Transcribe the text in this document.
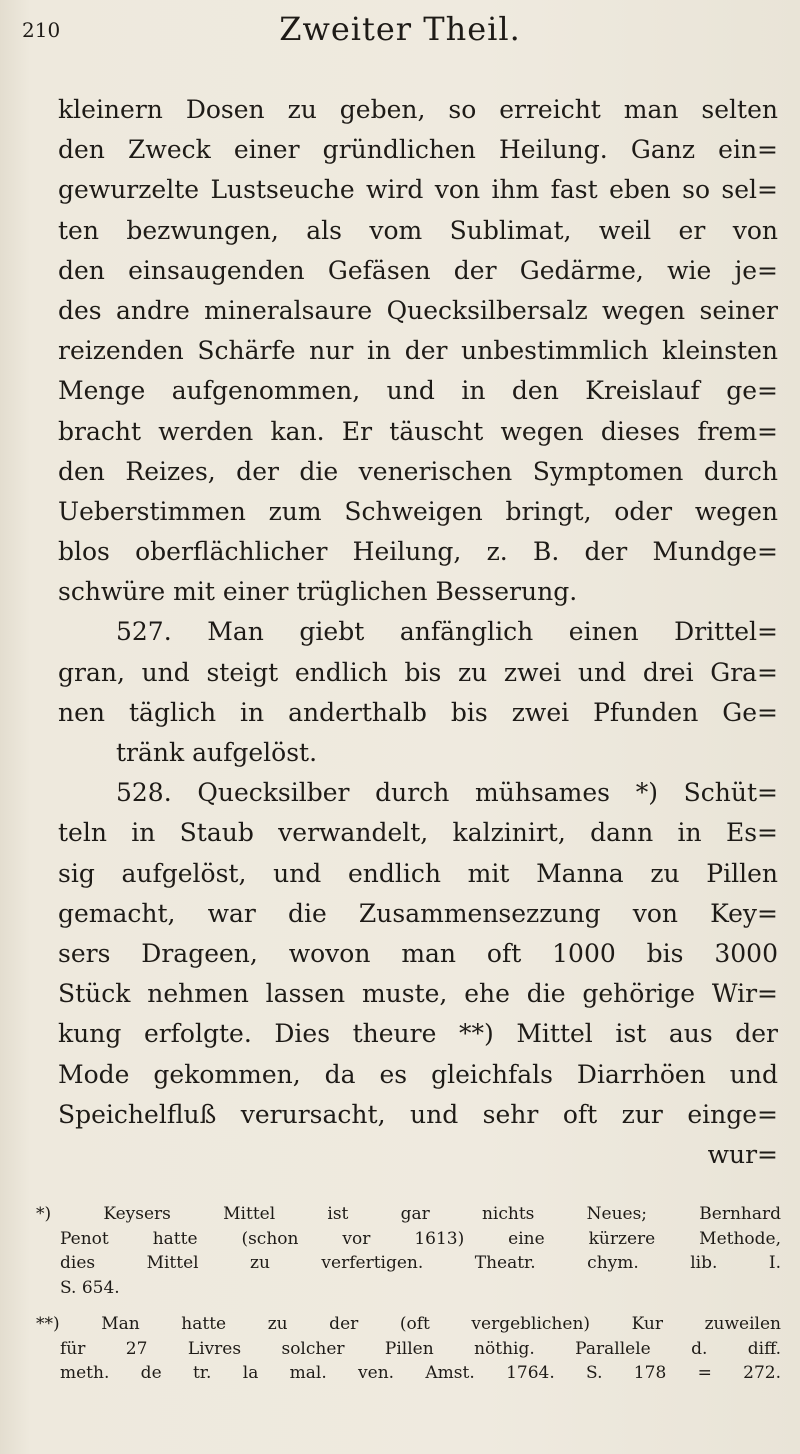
210	Zweiter Theil.
kleinern Dosen zu geben, so erreicht man selten
den Zweck einer gründlichen Heilung. Ganz ein=
gewurzelte Lustseuche wird von ihm fast eben so sel=
ten bezwungen, als vom Sublimat, weil er von
den einsaugenden Gefäsen der Gedärme, wie je=
des andre mineralsaure Quecksilbersalz wegen seiner
reizenden Schärfe nur in der unbestimmlich kleinsten
Menge aufgenommen, und in den Kreislauf ge=
bracht werden kan. Er täuscht wegen dieses frem=
den Reizes, der die venerischen Symptomen durch
Ueberstimmen zum Schweigen bringt, oder wegen
blos oberflächlicher Heilung, z. B. der Mundge=
schwüre mit einer trüglichen Besserung.
527. Man giebt anfänglich einen Drittel=
gran, und steigt endlich bis zu zwei und drei Gra=
nen täglich in anderthalb bis zwei Pfunden Ge=
tränk aufgelöst.
528. Quecksilber durch mühsames *) Schüt=
teln in Staub verwandelt, kalzinirt, dann in Es=
sig aufgelöst, und endlich mit Manna zu Pillen
gemacht, war die Zusammensezzung von Key=
sers Drageen, wovon man oft 1000 bis 3000
Stück nehmen lassen muste, ehe die gehörige Wir=
kung erfolgte. Dies theure **) Mittel ist aus der
Mode gekommen, da es gleichfals Diarrhöen und
Speichelfluß verursacht, und sehr oft zur einge=
wur=
*) Keysers Mittel ist gar nichts Neues; Bernhard
Penot hatte (schon vor 1613) eine kürzere Methode,
dies Mittel zu verfertigen. Theatr. chym. lib. I.
S. 654.
**) Man hatte zu der (oft vergeblichen) Kur zuweilen
für 27 Livres solcher Pillen nöthig. Parallele d. diff.
meth. de tr. la mal. ven. Amst. 1764. S. 178 = 272.
